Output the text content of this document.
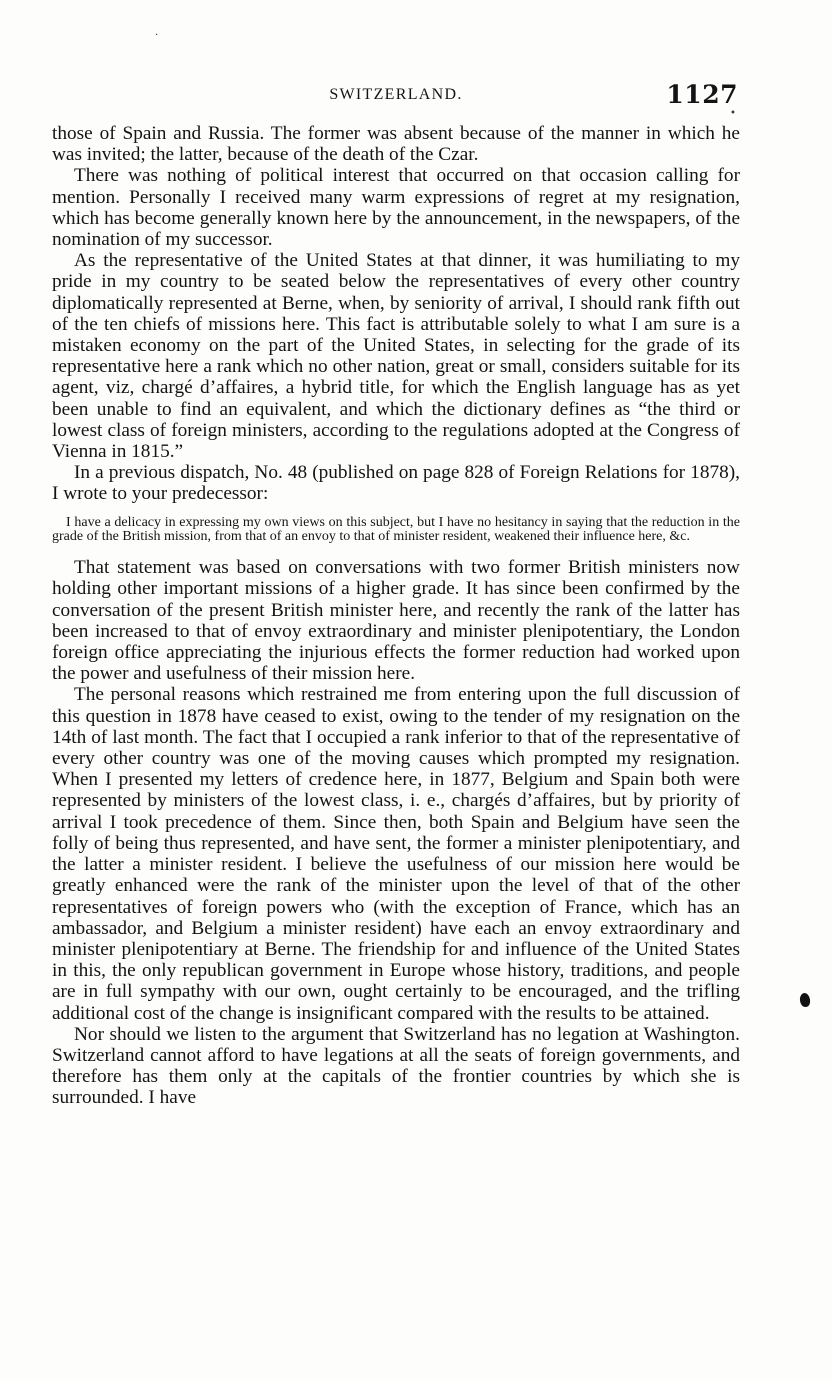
SWITZERLAND.	1127
·
•

those of Spain and Russia. The former was absent because of the manner in which he was invited; the latter, because of the death of the Czar.

There was nothing of political interest that occurred on that occasion calling for mention. Personally I received many warm expressions of regret at my resignation, which has become generally known here by the announcement, in the newspapers, of the nomination of my successor.

As the representative of the United States at that dinner, it was humiliating to my pride in my country to be seated below the representatives of every other country diplomatically represented at Berne, when, by seniority of arrival, I should rank fifth out of the ten chiefs of missions here. This fact is attributable solely to what I am sure is a mistaken economy on the part of the United States, in selecting for the grade of its representative here a rank which no other nation, great or small, considers suitable for its agent, viz, chargé d’affaires, a hybrid title, for which the English language has as yet been unable to find an equivalent, and which the dictionary defines as “the third or lowest class of foreign ministers, according to the regulations adopted at the Congress of Vienna in 1815.”

In a previous dispatch, No. 48 (published on page 828 of Foreign Relations for 1878), I wrote to your predecessor:

I have a delicacy in expressing my own views on this subject, but I have no hesitancy in saying that the reduction in the grade of the British mission, from that of an envoy to that of minister resident, weakened their influence here, &c.

That statement was based on conversations with two former British ministers now holding other important missions of a higher grade. It has since been confirmed by the conversation of the present British minister here, and recently the rank of the latter has been increased to that of envoy extraordinary and minister plenipotentiary, the London foreign office appreciating the injurious effects the former reduction had worked upon the power and usefulness of their mission here.

The personal reasons which restrained me from entering upon the full discussion of this question in 1878 have ceased to exist, owing to the tender of my resignation on the 14th of last month. The fact that I occupied a rank inferior to that of the representative of every other country was one of the moving causes which prompted my resignation. When I presented my letters of credence here, in 1877, Belgium and Spain both were represented by ministers of the lowest class, i. e., chargés d’affaires, but by priority of arrival I took precedence of them. Since then, both Spain and Belgium have seen the folly of being thus represented, and have sent, the former a minister plenipotentiary, and the latter a minister resident. I believe the usefulness of our mission here would be greatly enhanced were the rank of the minister upon the level of that of the other representatives of foreign powers who (with the exception of France, which has an ambassador, and Belgium a minister resident) have each an envoy extraordinary and minister plenipotentiary at Berne. The friendship for and influence of the United States in this, the only republican government in Europe whose history, traditions, and people are in full sympathy with our own, ought certainly to be encouraged, and the trifling additional cost of the change is insignificant compared with the results to be attained.

Nor should we listen to the argument that Switzerland has no legation at Washington. Switzerland cannot afford to have legations at all the seats of foreign governments, and therefore has them only at the capitals of the frontier countries by which she is surrounded. I have
